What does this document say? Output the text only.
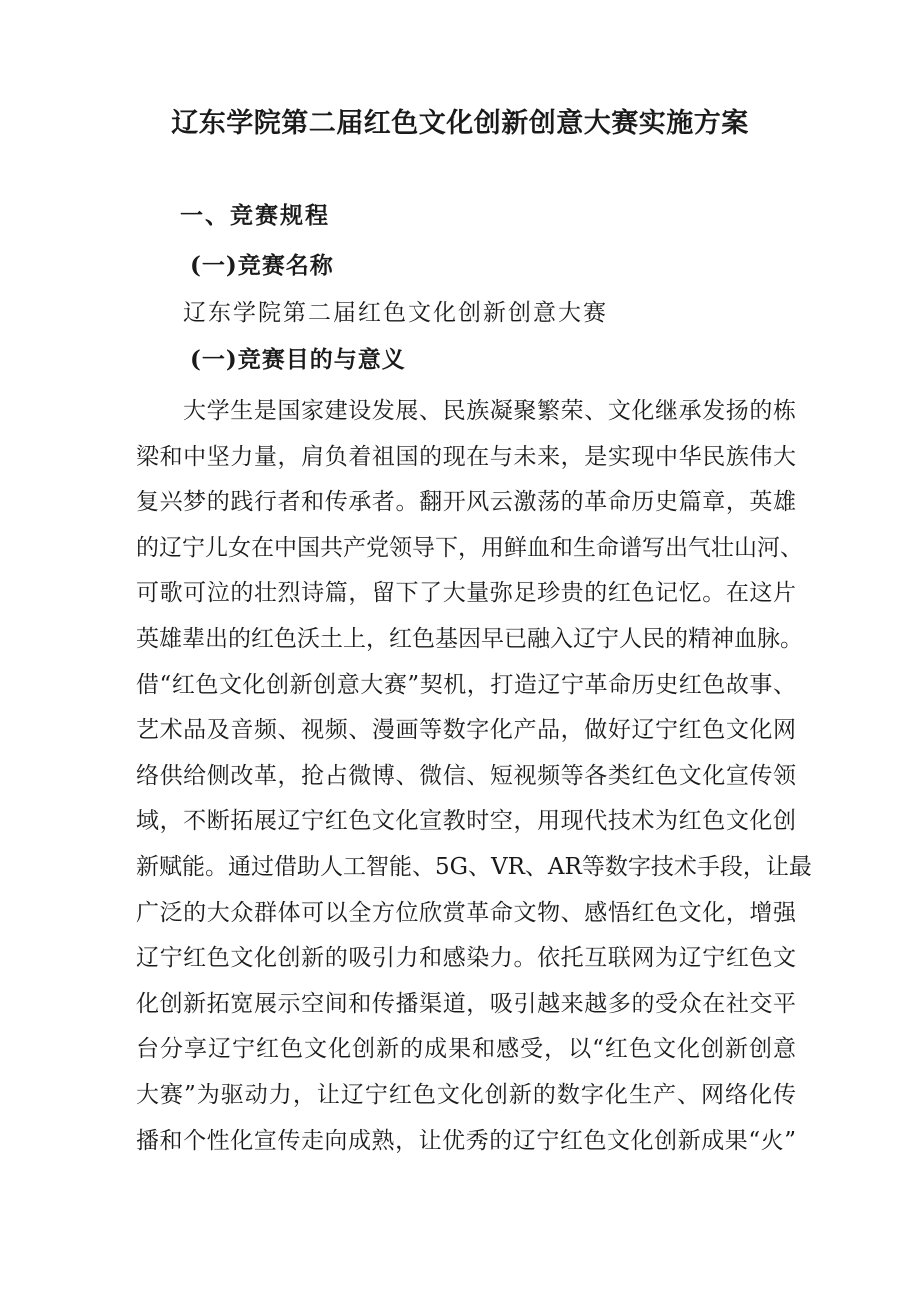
辽东学院第二届红色文化创新创意大赛实施方案
一、竞赛规程
(一)竞赛名称
辽东学院第二届红色文化创新创意大赛
(一)竞赛目的与意义
大学生是国家建设发展、民族凝聚繁荣、文化继承发扬的栋
梁和中坚力量，肩负着祖国的现在与未来，是实现中华民族伟大
复兴梦的践行者和传承者。翻开风云激荡的革命历史篇章，英雄
的辽宁儿女在中国共产党领导下，用鲜血和生命谱写出气壮山河、
可歌可泣的壮烈诗篇，留下了大量弥足珍贵的红色记忆。在这片
英雄辈出的红色沃土上，红色基因早已融入辽宁人民的精神血脉。
借“红色文化创新创意大赛”契机，打造辽宁革命历史红色故事、
艺术品及音频、视频、漫画等数字化产品，做好辽宁红色文化网
络供给侧改革，抢占微博、微信、短视频等各类红色文化宣传领
域，不断拓展辽宁红色文化宣教时空，用现代技术为红色文化创
新赋能。通过借助人工智能、5G、VR、AR等数字技术手段，让最
广泛的大众群体可以全方位欣赏革命文物、感悟红色文化，增强
辽宁红色文化创新的吸引力和感染力。依托互联网为辽宁红色文
化创新拓宽展示空间和传播渠道，吸引越来越多的受众在社交平
台分享辽宁红色文化创新的成果和感受，以“红色文化创新创意
大赛”为驱动力，让辽宁红色文化创新的数字化生产、网络化传
播和个性化宣传走向成熟，让优秀的辽宁红色文化创新成果“火”
